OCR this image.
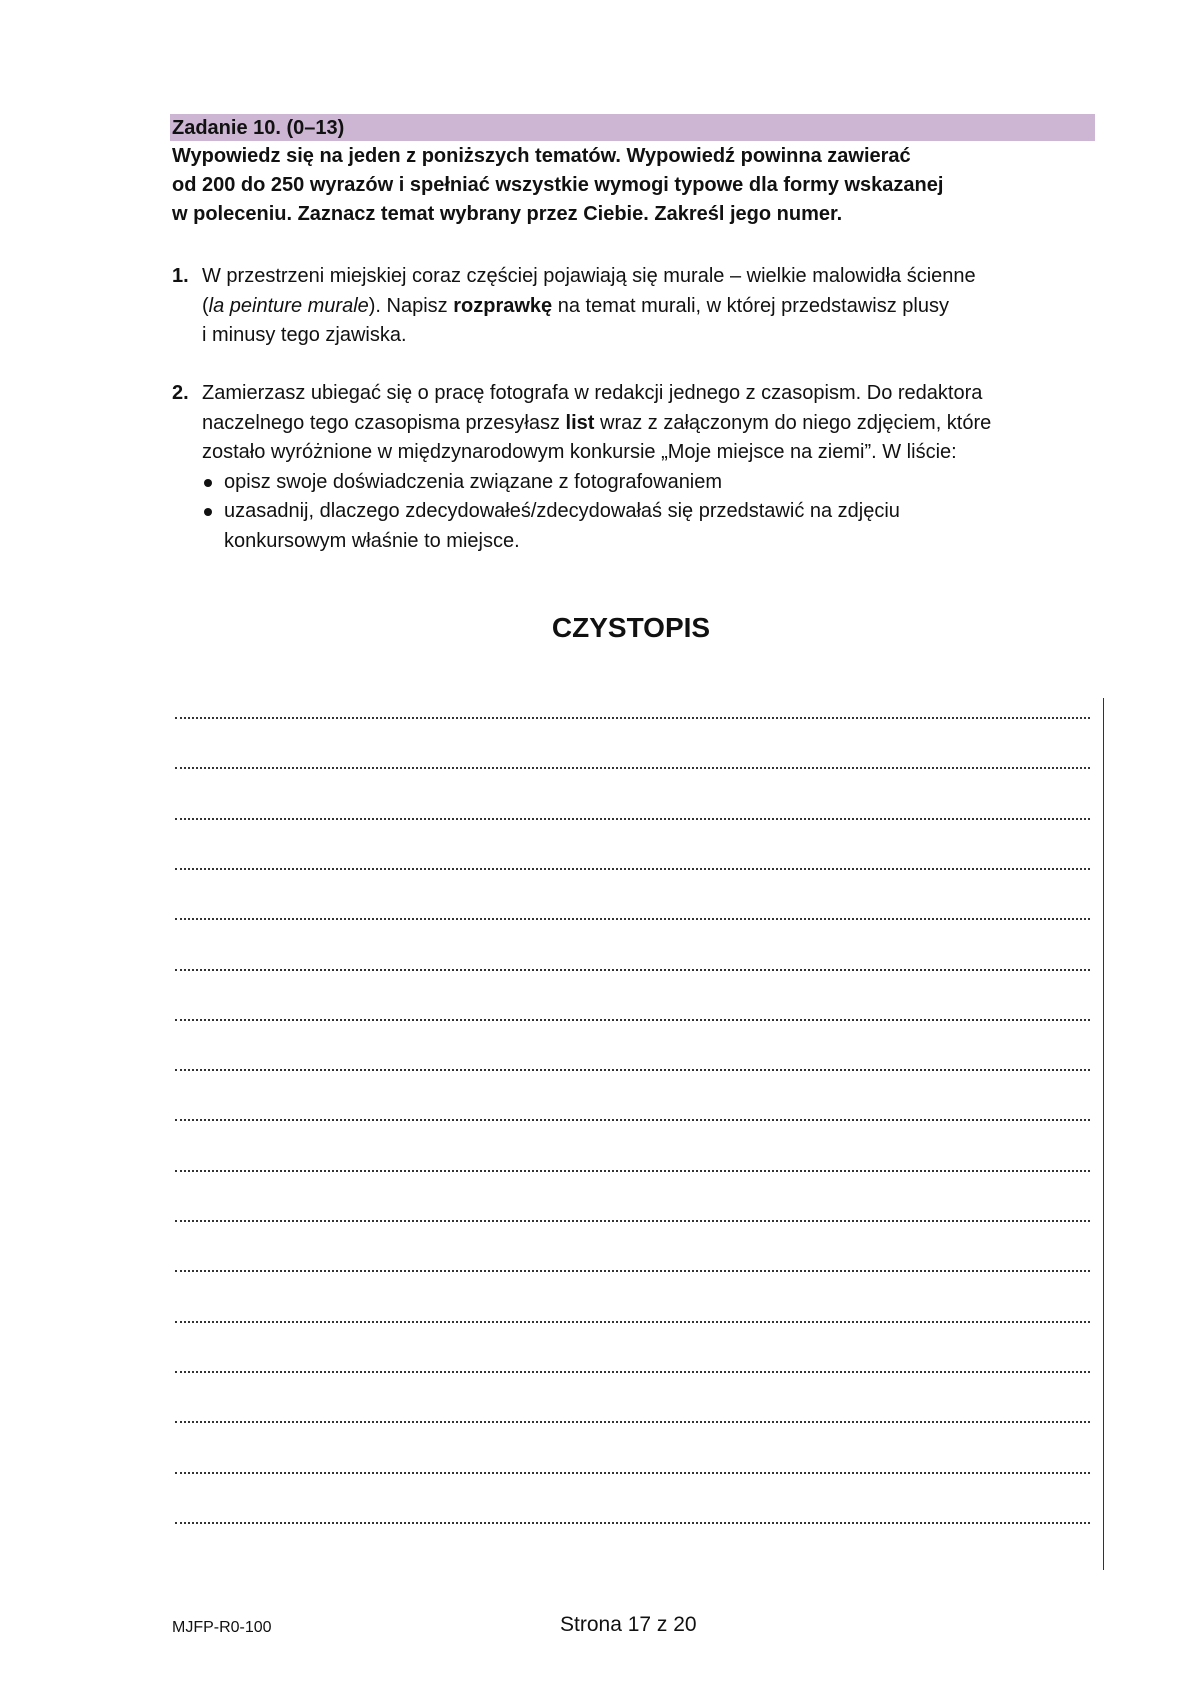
Zadanie 10. (0–13)
Wypowiedz się na jeden z poniższych tematów. Wypowiedź powinna zawierać
od 200 do 250 wyrazów i spełniać wszystkie wymogi typowe dla formy wskazanej
w poleceniu. Zaznacz temat wybrany przez Ciebie. Zakreśl jego numer.
1. W przestrzeni miejskiej coraz częściej pojawiają się murale – wielkie malowidła ścienne
(la peinture murale). Napisz rozprawkę na temat murali, w której przedstawisz plusy
i minusy tego zjawiska.
2. Zamierzasz ubiegać się o pracę fotografa w redakcji jednego z czasopism. Do redaktora
naczelnego tego czasopisma przesyłasz list wraz z załączonym do niego zdjęciem, które
zostało wyróżnione w międzynarodowym konkursie „Moje miejsce na ziemi”. W liście:
opisz swoje doświadczenia związane z fotografowaniem
uzasadnij, dlaczego zdecydowałeś/zdecydowałaś się przedstawić na zdjęciu
konkursowym właśnie to miejsce.
CZYSTOPIS
MJFP-R0-100	Strona 17 z 20
